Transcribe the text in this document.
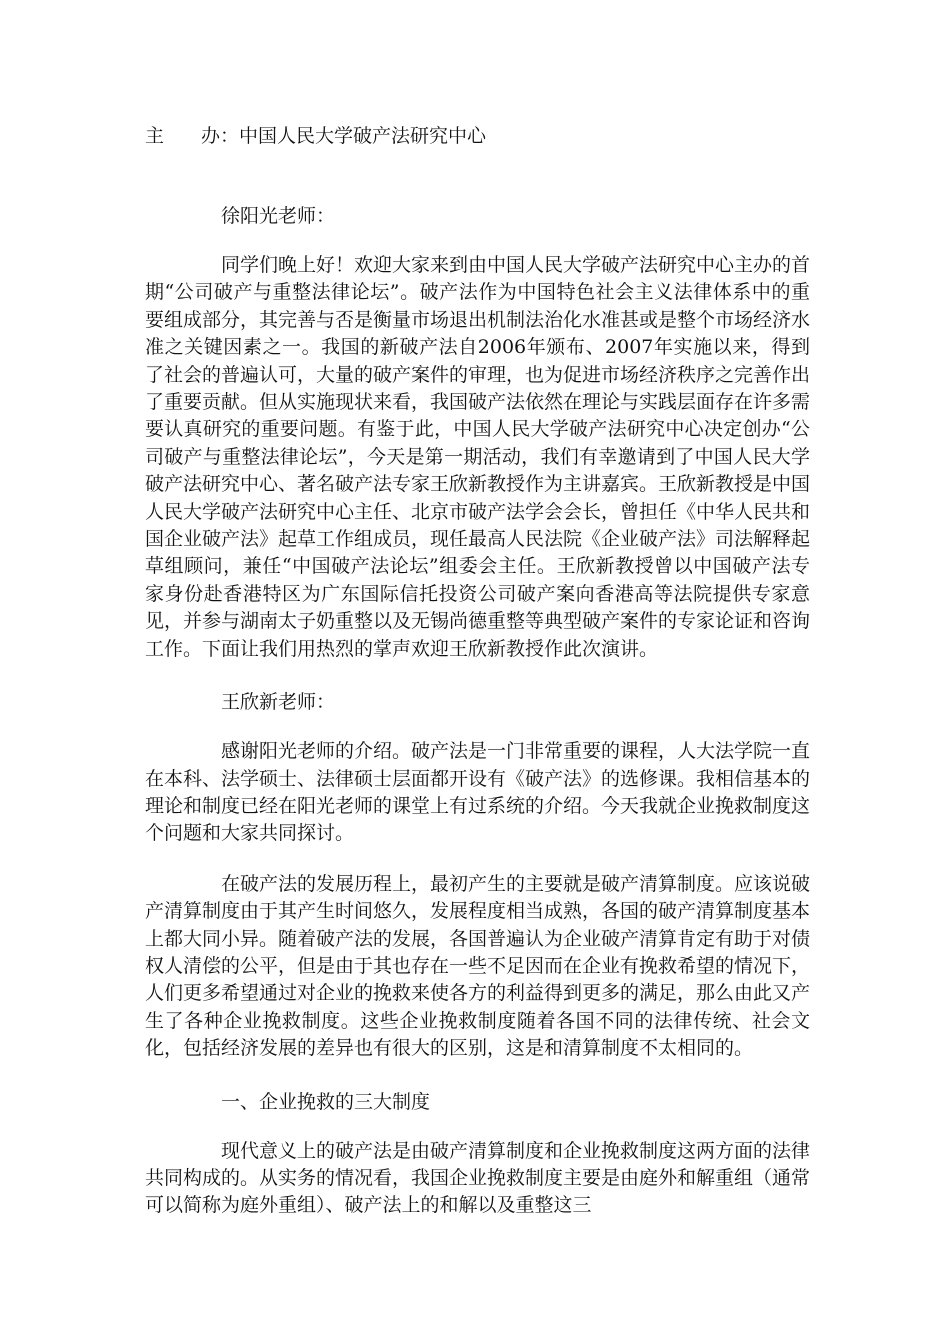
主 办：中国人民大学破产法研究中心

徐阳光老师：

同学们晚上好！欢迎大家来到由中国人民大学破产法研究中心主办的首期“公司破产与重整法律论坛”。破产法作为中国特色社会主义法律体系中的重要组成部分，其完善与否是衡量市场退出机制法治化水准甚或是整个市场经济水准之关键因素之一。我国的新破产法自2006年颁布、2007年实施以来，得到了社会的普遍认可，大量的破产案件的审理，也为促进市场经济秩序之完善作出了重要贡献。但从实施现状来看，我国破产法依然在理论与实践层面存在许多需要认真研究的重要问题。有鉴于此，中国人民大学破产法研究中心决定创办“公司破产与重整法律论坛”，今天是第一期活动，我们有幸邀请到了中国人民大学破产法研究中心、著名破产法专家王欣新教授作为主讲嘉宾。王欣新教授是中国人民大学破产法研究中心主任、北京市破产法学会会长，曾担任《中华人民共和国企业破产法》起草工作组成员，现任最高人民法院《企业破产法》司法解释起草组顾问，兼任“中国破产法论坛”组委会主任。王欣新教授曾以中国破产法专家身份赴香港特区为广东国际信托投资公司破产案向香港高等法院提供专家意见，并参与湖南太子奶重整以及无锡尚德重整等典型破产案件的专家论证和咨询工作。下面让我们用热烈的掌声欢迎王欣新教授作此次演讲。

王欣新老师：

感谢阳光老师的介绍。破产法是一门非常重要的课程，人大法学院一直在本科、法学硕士、法律硕士层面都开设有《破产法》的选修课。我相信基本的理论和制度已经在阳光老师的课堂上有过系统的介绍。今天我就企业挽救制度这个问题和大家共同探讨。

在破产法的发展历程上，最初产生的主要就是破产清算制度。应该说破产清算制度由于其产生时间悠久，发展程度相当成熟，各国的破产清算制度基本上都大同小异。随着破产法的发展，各国普遍认为企业破产清算肯定有助于对债权人清偿的公平，但是由于其也存在一些不足因而在企业有挽救希望的情况下，人们更多希望通过对企业的挽救来使各方的利益得到更多的满足，那么由此又产生了各种企业挽救制度。这些企业挽救制度随着各国不同的法律传统、社会文化，包括经济发展的差异也有很大的区别，这是和清算制度不太相同的。

一、企业挽救的三大制度

现代意义上的破产法是由破产清算制度和企业挽救制度这两方面的法律共同构成的。从实务的情况看，我国企业挽救制度主要是由庭外和解重组（通常可以简称为庭外重组）、破产法上的和解以及重整这三
